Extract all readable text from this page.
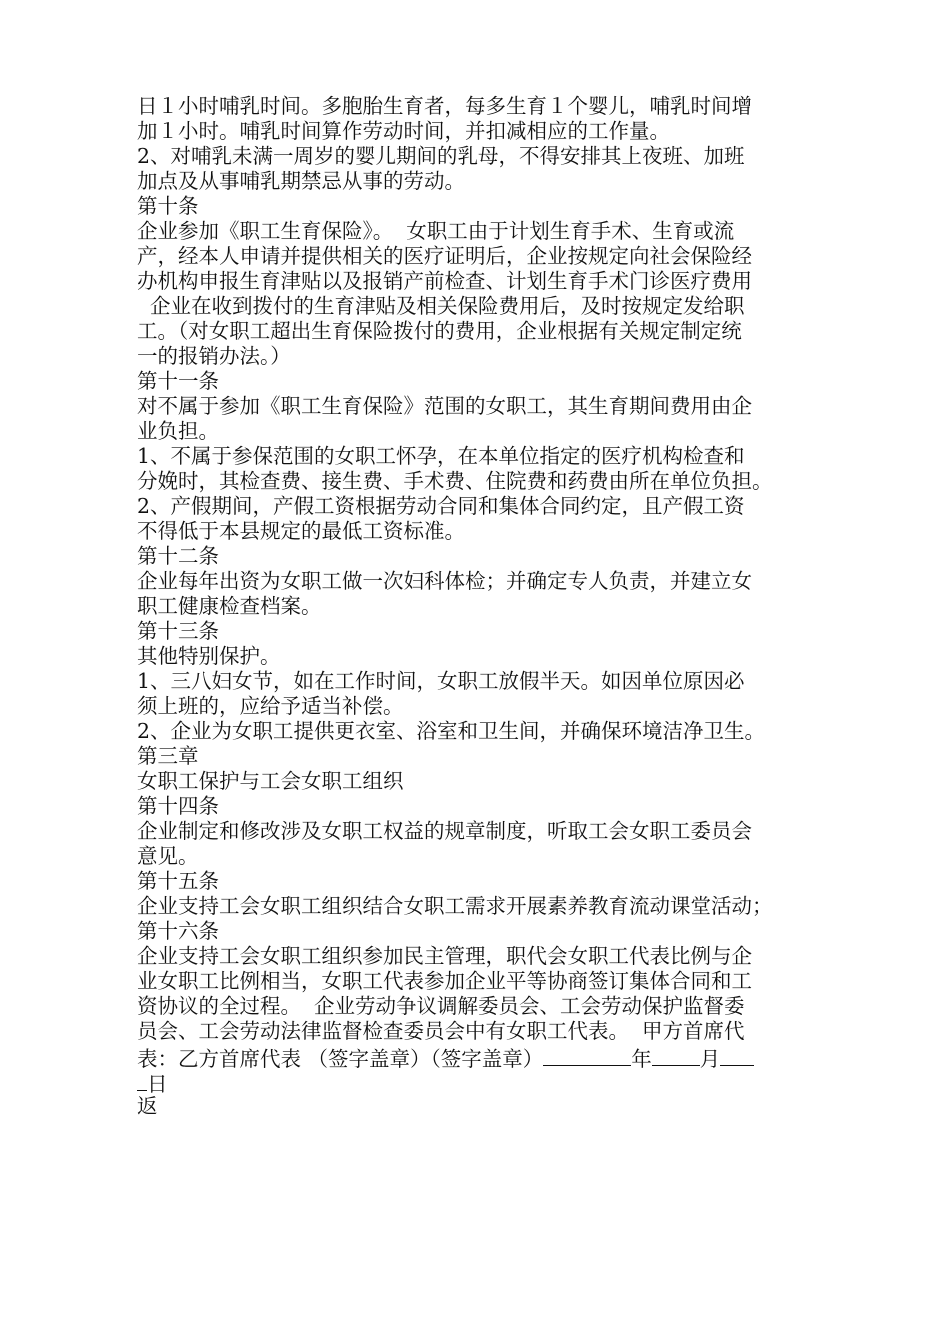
日１小时哺乳时间。多胞胎生育者，每多生育１个婴儿，哺乳时间增
加１小时。哺乳时间算作劳动时间，并扣减相应的工作量。
2、对哺乳未满一周岁的婴儿期间的乳母，不得安排其上夜班、加班
加点及从事哺乳期禁忌从事的劳动。
第十条
企业参加《职工生育保险》。  女职工由于计划生育手术、生育或流
产，经本人申请并提供相关的医疗证明后，企业按规定向社会保险经
办机构申报生育津贴以及报销产前检查、计划生育手术门诊医疗费用
企业在收到拨付的生育津贴及相关保险费用后，及时按规定发给职
工。（对女职工超出生育保险拨付的费用，企业根据有关规定制定统
一的报销办法。）
第十一条
对不属于参加《职工生育保险》范围的女职工，其生育期间费用由企
业负担。
1、不属于参保范围的女职工怀孕，在本单位指定的医疗机构检查和
分娩时，其检查费、接生费、手术费、住院费和药费由所在单位负担。
2、产假期间，产假工资根据劳动合同和集体合同约定，且产假工资
不得低于本县规定的最低工资标准。
第十二条
企业每年出资为女职工做一次妇科体检；并确定专人负责，并建立女
职工健康检查档案。
第十三条
其他特别保护。
1、三八妇女节，如在工作时间，女职工放假半天。如因单位原因必
须上班的，应给予适当补偿。
2、企业为女职工提供更衣室、浴室和卫生间，并确保环境洁净卫生。
第三章
女职工保护与工会女职工组织
第十四条
企业制定和修改涉及女职工权益的规章制度，听取工会女职工委员会
意见。
第十五条
企业支持工会女职工组织结合女职工需求开展素养教育流动课堂活动；
第十六条
企业支持工会女职工组织参加民主管理，职代会女职工代表比例与企
业女职工比例相当，女职工代表参加企业平等协商签订集体合同和工
资协议的全过程。  企业劳动争议调解委员会、工会劳动保护监督委
员会、工会劳动法律监督检查委员会中有女职工代表。  甲方首席代
表：乙方首席代表 （签字盖章）（签字盖章）	年 月
日
返
